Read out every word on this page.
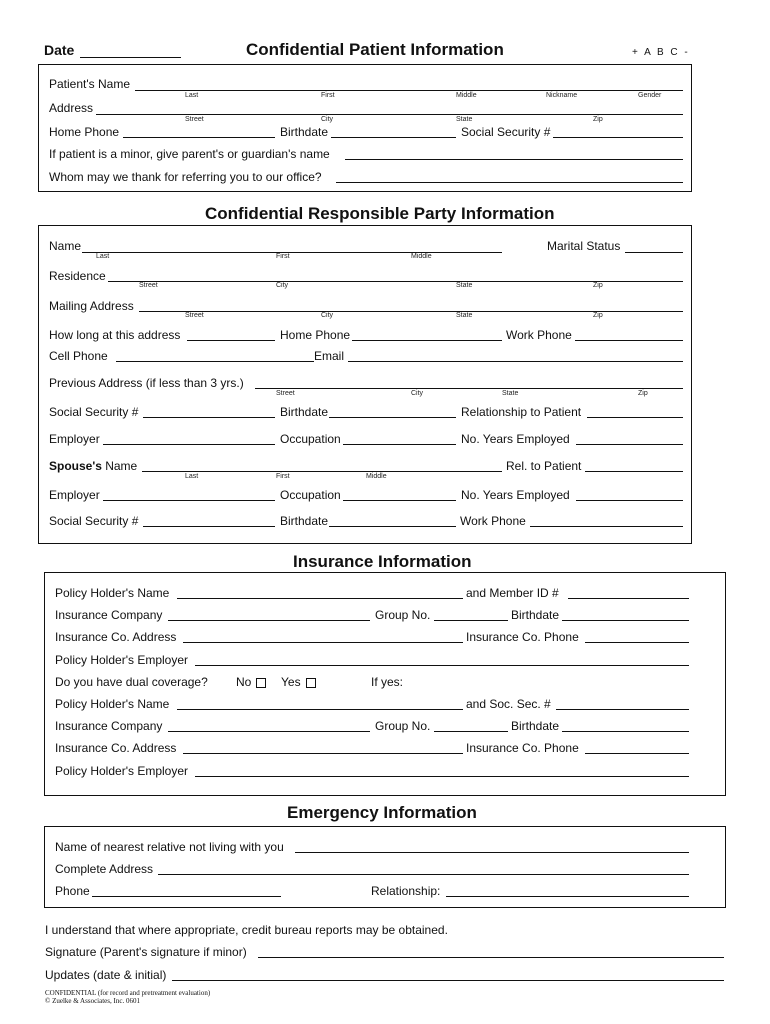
Date	Confidential Patient Information	+ A B C -
Patient's Name
Last	First	Middle	Nickname	Gender
Address
Street	City	State	Zip
Home Phone	Birthdate	Social Security #
If patient is a minor, give parent's or guardian's name
Whom may we thank for referring you to our office?
Confidential Responsible Party Information
Name
Last	First	Middle
Marital Status
Residence
Street	City	State	Zip
Mailing Address
Street	City	State	Zip
How long at this address	Home Phone	Work Phone
Cell Phone	Email
Previous Address (if less than 3 yrs.)
Street	City	State	Zip
Social Security #	Birthdate	Relationship to Patient
Employer	Occupation	No. Years Employed
Spouse's Name
Last	First	Middle
Rel. to Patient
Employer	Occupation	No. Years Employed
Social Security #	Birthdate	Work Phone
Insurance Information
Policy Holder's Name	and Member ID #
Insurance Company	Group No.	Birthdate
Insurance Co. Address	Insurance Co. Phone
Policy Holder's Employer
Do you have dual coverage? No	Yes	If yes:
Policy Holder's Name	and Soc. Sec. #
Insurance Company	Group No.	Birthdate
Insurance Co. Address	Insurance Co. Phone
Policy Holder's Employer
Emergency Information
Name of nearest relative not living with you
Complete Address
Phone	Relationship:
I understand that where appropriate, credit bureau reports may be obtained.
Signature (Parent's signature if minor)
Updates (date & initial)
CONFIDENTIAL (for record and pretreatment evaluation)
© Zuelke & Associates, Inc. 0601
